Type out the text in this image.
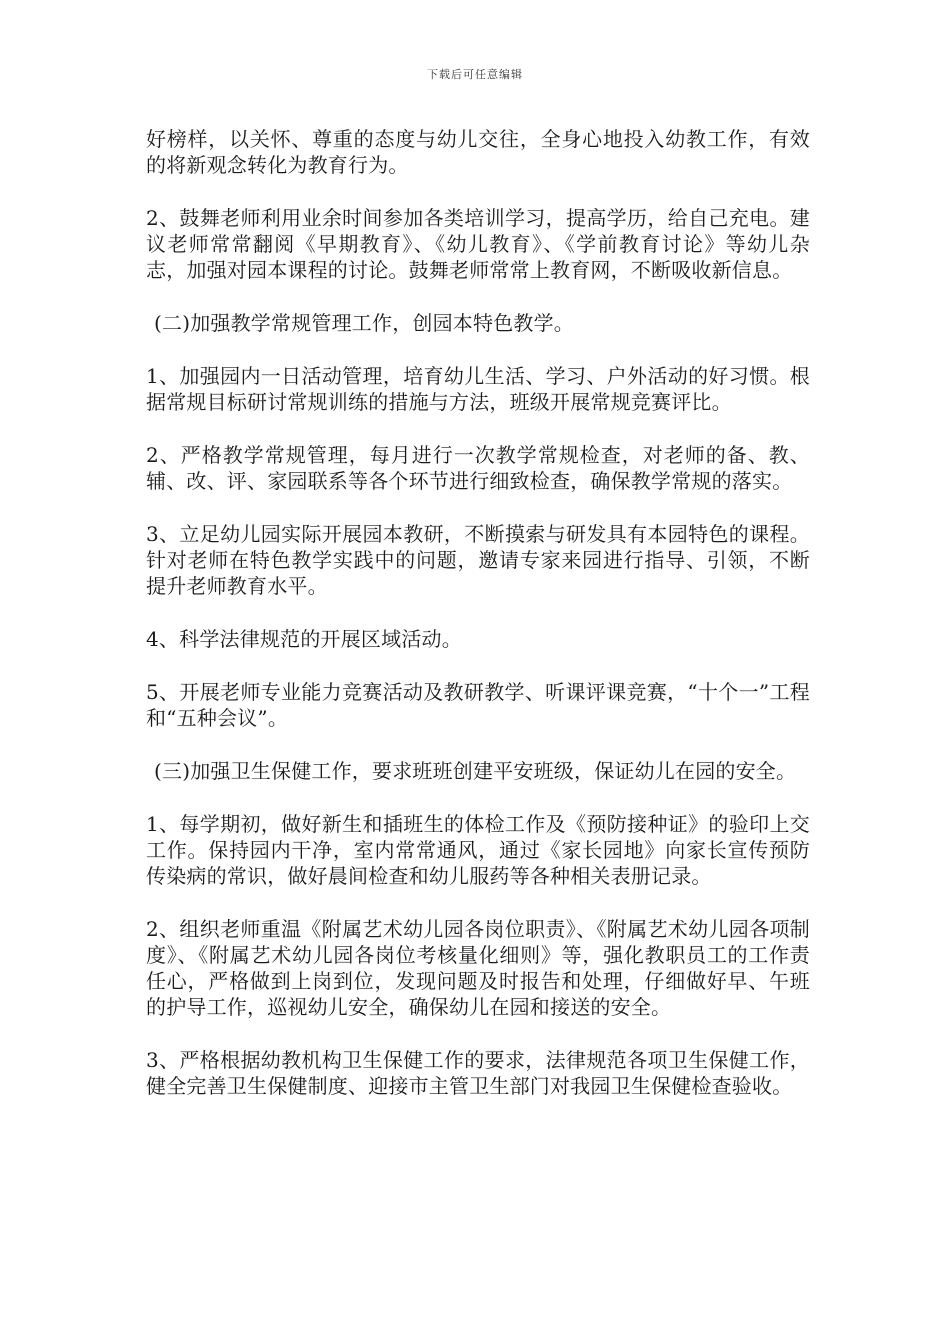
下载后可任意编辑

好榜样，以关怀、尊重的态度与幼儿交往，全身心地投入幼教工作，有效的将新观念转化为教育行为。

2、鼓舞老师利用业余时间参加各类培训学习，提高学历，给自己充电。建议老师常常翻阅《早期教育》、《幼儿教育》、《学前教育讨论》等幼儿杂志，加强对园本课程的讨论。鼓舞老师常常上教育网，不断吸收新信息。

(二)加强教学常规管理工作，创园本特色教学。

1、加强园内一日活动管理，培育幼儿生活、学习、户外活动的好习惯。根据常规目标研讨常规训练的措施与方法，班级开展常规竞赛评比。

2、严格教学常规管理，每月进行一次教学常规检查，对老师的备、教、辅、改、评、家园联系等各个环节进行细致检查，确保教学常规的落实。

3、立足幼儿园实际开展园本教研，不断摸索与研发具有本园特色的课程。针对老师在特色教学实践中的问题，邀请专家来园进行指导、引领，不断提升老师教育水平。

4、科学法律规范的开展区域活动。

5、开展老师专业能力竞赛活动及教研教学、听课评课竞赛，“十个一”工程和“五种会议”。

(三)加强卫生保健工作，要求班班创建平安班级，保证幼儿在园的安全。

1、每学期初，做好新生和插班生的体检工作及《预防接种证》的验印上交工作。保持园内干净，室内常常通风，通过《家长园地》向家长宣传预防传染病的常识，做好晨间检查和幼儿服药等各种相关表册记录。

2、组织老师重温《附属艺术幼儿园各岗位职责》、《附属艺术幼儿园各项制度》、《附属艺术幼儿园各岗位考核量化细则》等，强化教职员工的工作责任心，严格做到上岗到位，发现问题及时报告和处理，仔细做好早、午班的护导工作，巡视幼儿安全，确保幼儿在园和接送的安全。

3、严格根据幼教机构卫生保健工作的要求，法律规范各项卫生保健工作，健全完善卫生保健制度、迎接市主管卫生部门对我园卫生保健检查验收。
